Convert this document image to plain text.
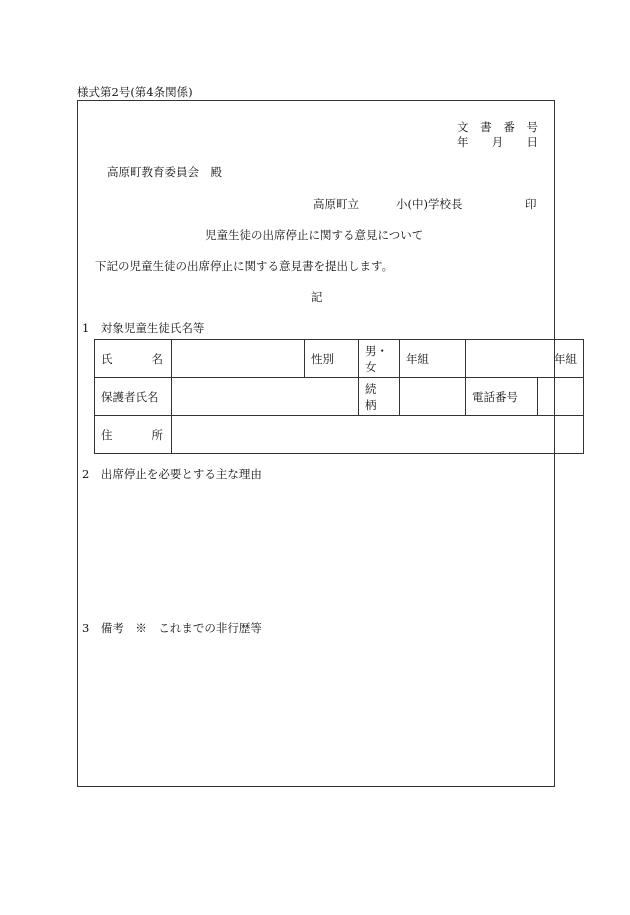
様式第2号(第4条関係)
文 書 番 号
年 月 日
高原町教育委員会　殿
高原町立	小(中)学校長	印
児童生徒の出席停止に関する意見について
下記の児童生徒の出席停止に関する意見書を提出します。
記
1　対象児童生徒氏名等
氏 名		性別	男・女	年組	年 組	

保護者氏名			続　柄		電話番号	

住 所						

2　出席停止を必要とする主な理由
3　備考　※　これまでの非行歴等
